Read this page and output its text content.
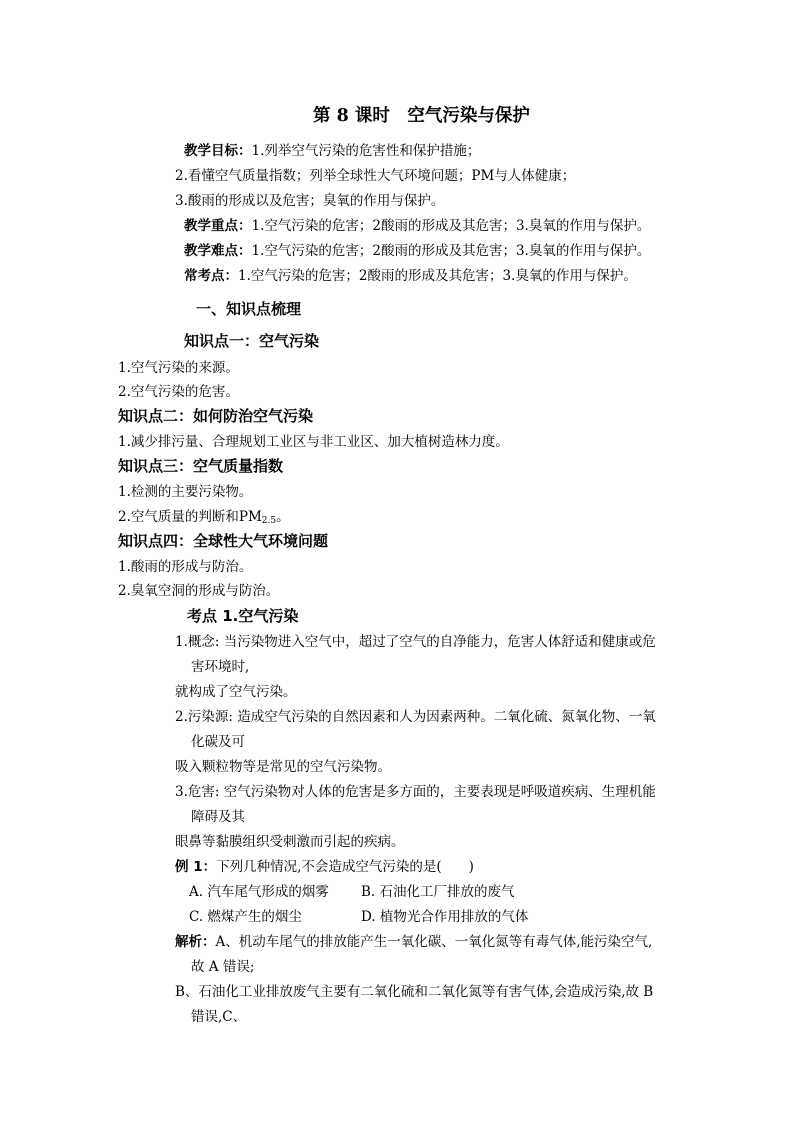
第 8 课时　空气污染与保护
教学目标：1.列举空气污染的危害性和保护措施；
2.看懂空气质量指数；列举全球性大气环境问题；PM与人体健康；
3.酸雨的形成以及危害；臭氧的作用与保护。
教学重点：1.空气污染的危害；2酸雨的形成及其危害；3.臭氧的作用与保护。
教学难点：1.空气污染的危害；2酸雨的形成及其危害；3.臭氧的作用与保护。
常考点：1.空气污染的危害；2酸雨的形成及其危害；3.臭氧的作用与保护。
一、知识点梳理
知识点一：空气污染
1.空气污染的来源。
2.空气污染的危害。
知识点二：如何防治空气污染
1.减少排污量、合理规划工业区与非工业区、加大植树造林力度。
知识点三：空气质量指数
1.检测的主要污染物。
2.空气质量的判断和$PM_{2.5}$。
知识点四：全球性大气环境问题
1.酸雨的形成与防治。
2.臭氧空洞的形成与防治。
考点 1.空气污染
1.概念: 当污染物进入空气中，超过了空气的自净能力，危害人体舒适和健康或危
害环境时,
就构成了空气污染。
2.污染源: 造成空气污染的自然因素和人为因素两种。二氧化硫、氮氧化物、一氧
化碳及可
吸入颗粒物等是常见的空气污染物。
3.危害: 空气污染物对人体的危害是多方面的，主要表现是呼吸道疾病、生理机能
障碍及其
眼鼻等黏膜组织受刺激而引起的疾病。
例 1：下列几种情况,不会造成空气污染的是(　　)
A. 汽车尾气形成的烟雾 B. 石油化工厂排放的废气
C. 燃煤产生的烟尘	D. 植物光合作用排放的气体
解析：A、机动车尾气的排放能产生一氧化碳、一氧化氮等有毒气体,能污染空气,
故 A 错误;
B、石油化工业排放废气主要有二氧化硫和二氧化氮等有害气体,会造成污染,故 B
错误,C、
